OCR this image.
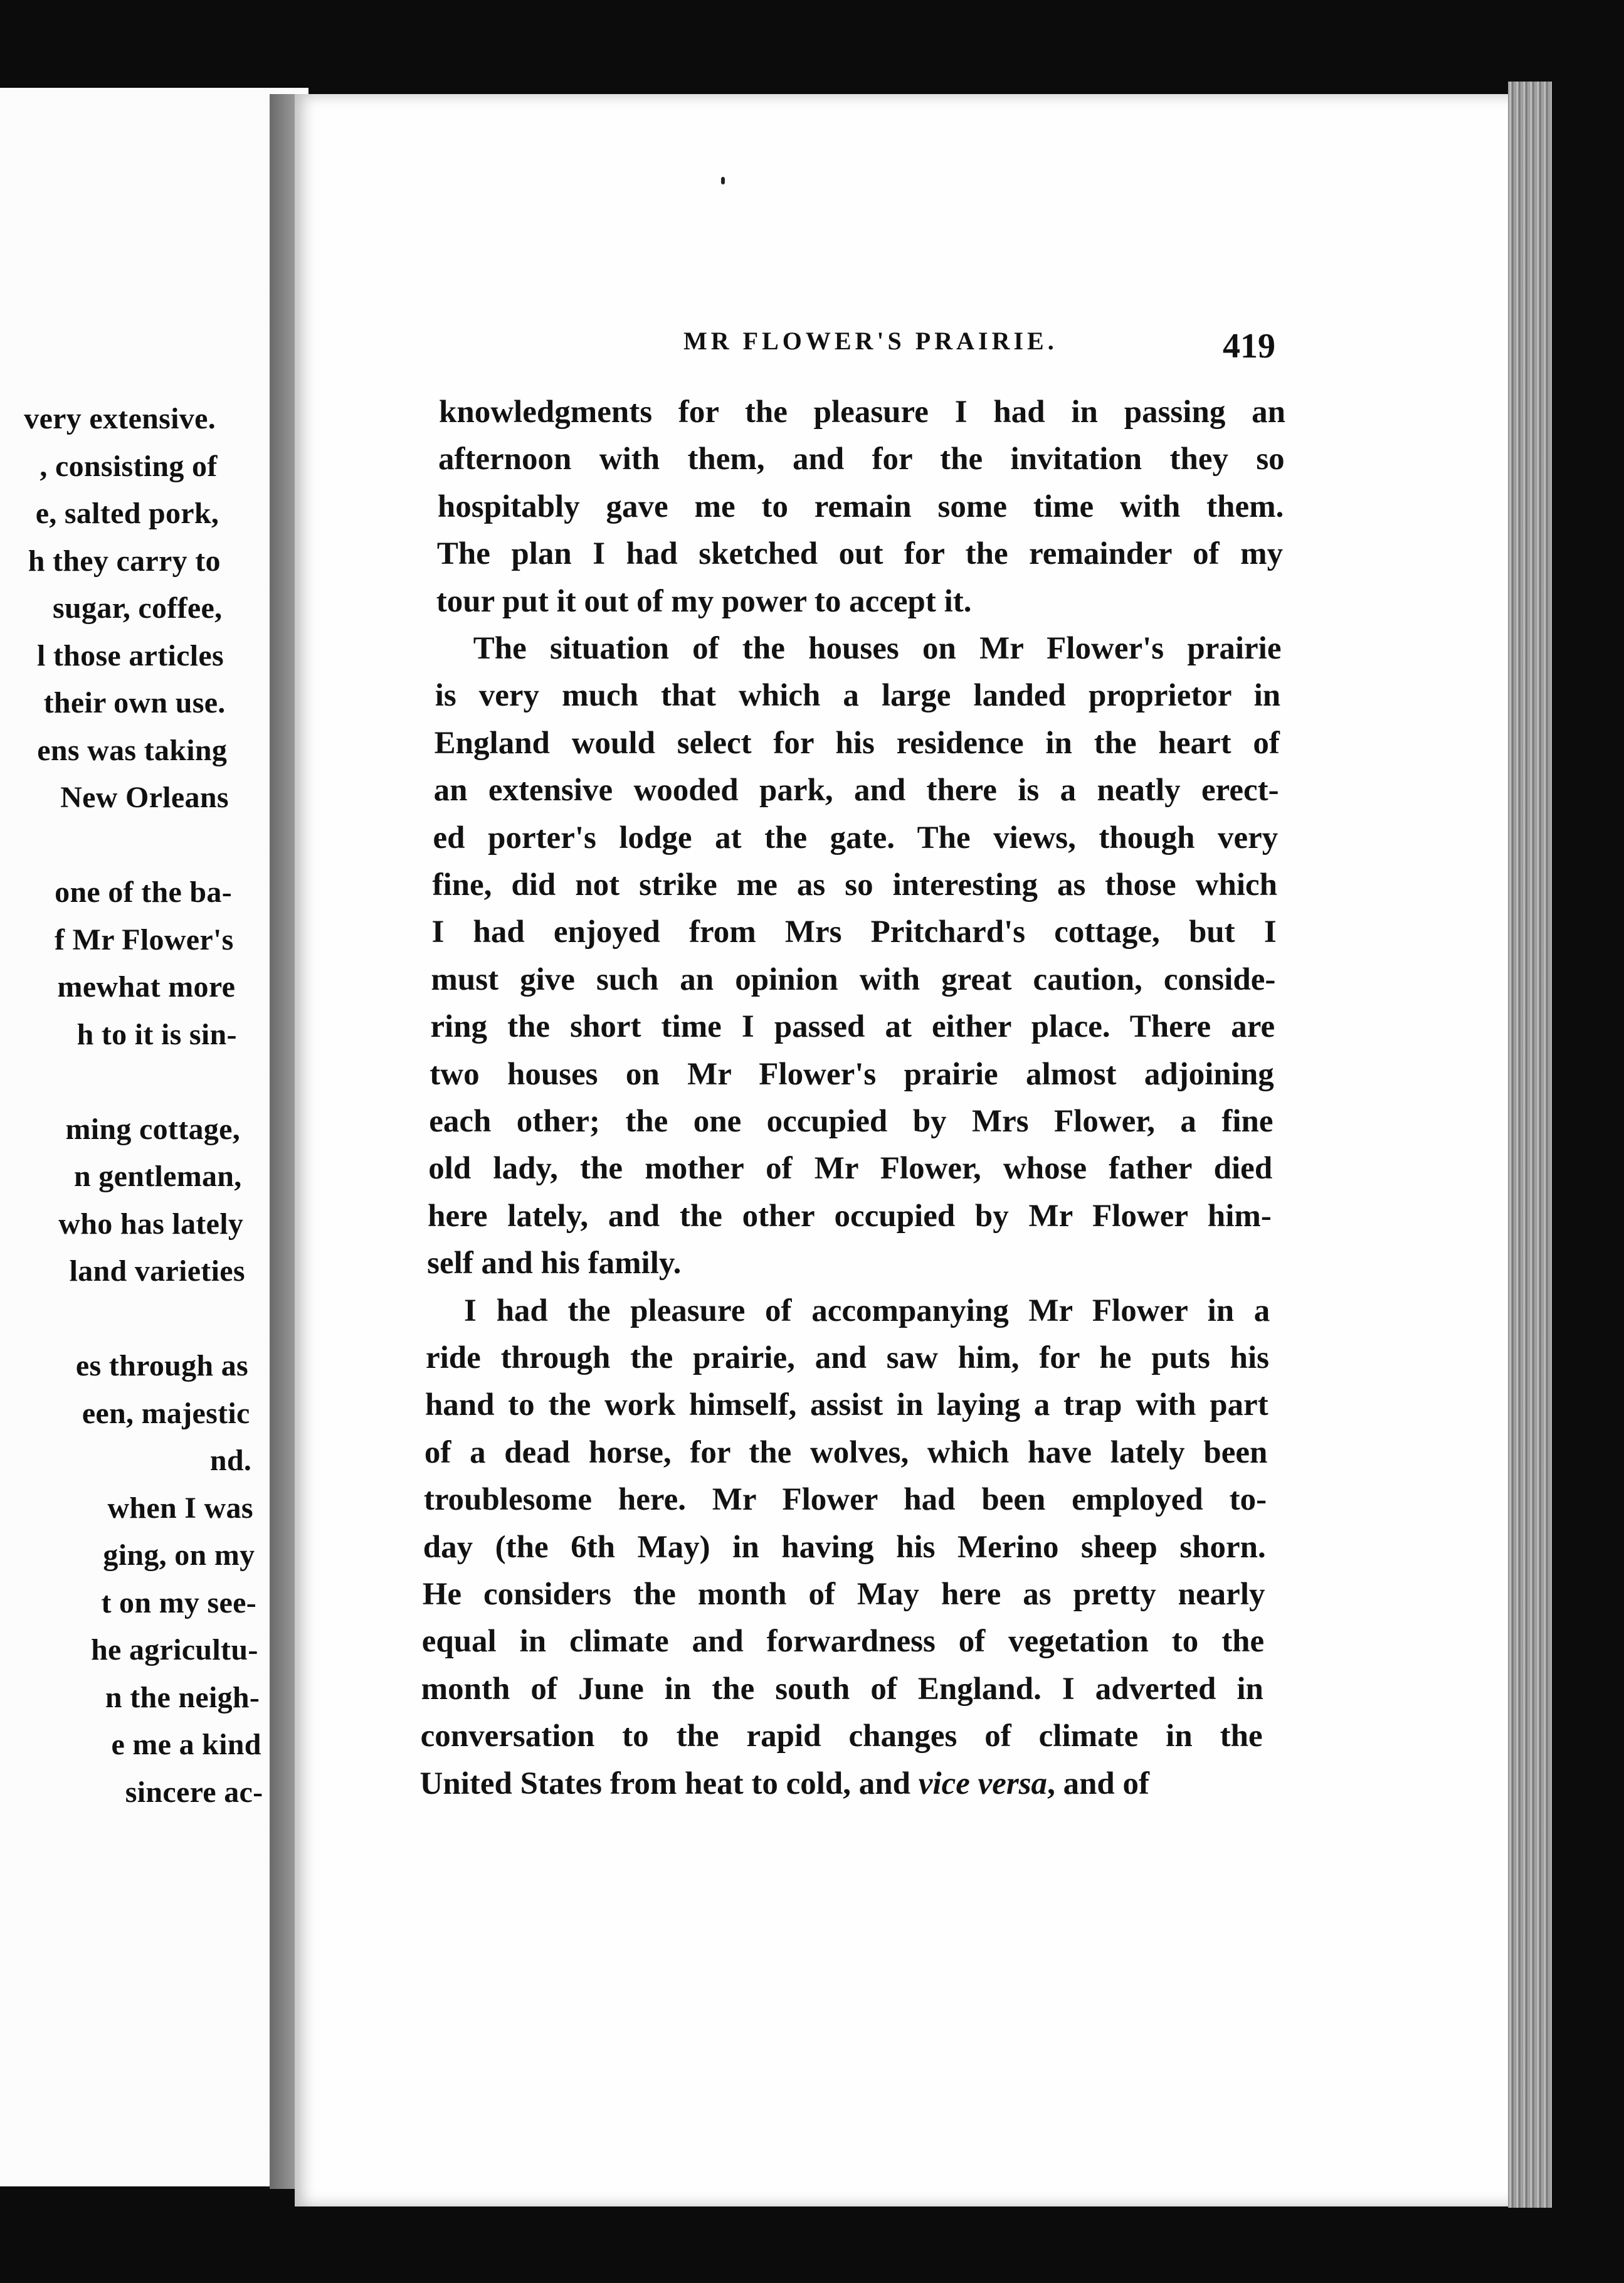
very extensive.
, consisting of
e, salted pork,
h they carry to
sugar, coffee,
l those articles
their own use.
ens was taking
New Orleans
one of the ba-
f Mr Flower's
mewhat more
h to it is sin-
ming cottage,
n gentleman,
who has lately
land varieties
es through as
een, majestic
nd.
when I was
ging, on my
t on my see-
he agricultu-
n the neigh-
e me a kind
sincere ac-
MR FLOWER'S PRAIRIE.	419
knowledgments for the pleasure I had in passing an
afternoon with them, and for the invitation they so
hospitably gave me to remain some time with them.
The plan I had sketched out for the remainder of my
tour put it out of my power to accept it.
The situation of the houses on Mr Flower's prairie
is very much that which a large landed proprietor in
England would select for his residence in the heart of
an extensive wooded park, and there is a neatly erect-
ed porter's lodge at the gate. The views, though very
fine, did not strike me as so interesting as those which
I had enjoyed from Mrs Pritchard's cottage, but I
must give such an opinion with great caution, conside-
ring the short time I passed at either place. There are
two houses on Mr Flower's prairie almost adjoining
each other; the one occupied by Mrs Flower, a fine
old lady, the mother of Mr Flower, whose father died
here lately, and the other occupied by Mr Flower him-
self and his family.
I had the pleasure of accompanying Mr Flower in a
ride through the prairie, and saw him, for he puts his
hand to the work himself, assist in laying a trap with part
of a dead horse, for the wolves, which have lately been
troublesome here. Mr Flower had been employed to-
day (the 6th May) in having his Merino sheep shorn.
He considers the month of May here as pretty nearly
equal in climate and forwardness of vegetation to the
month of June in the south of England. I adverted in
conversation to the rapid changes of climate in the
United States from heat to cold, and vice versa, and of
